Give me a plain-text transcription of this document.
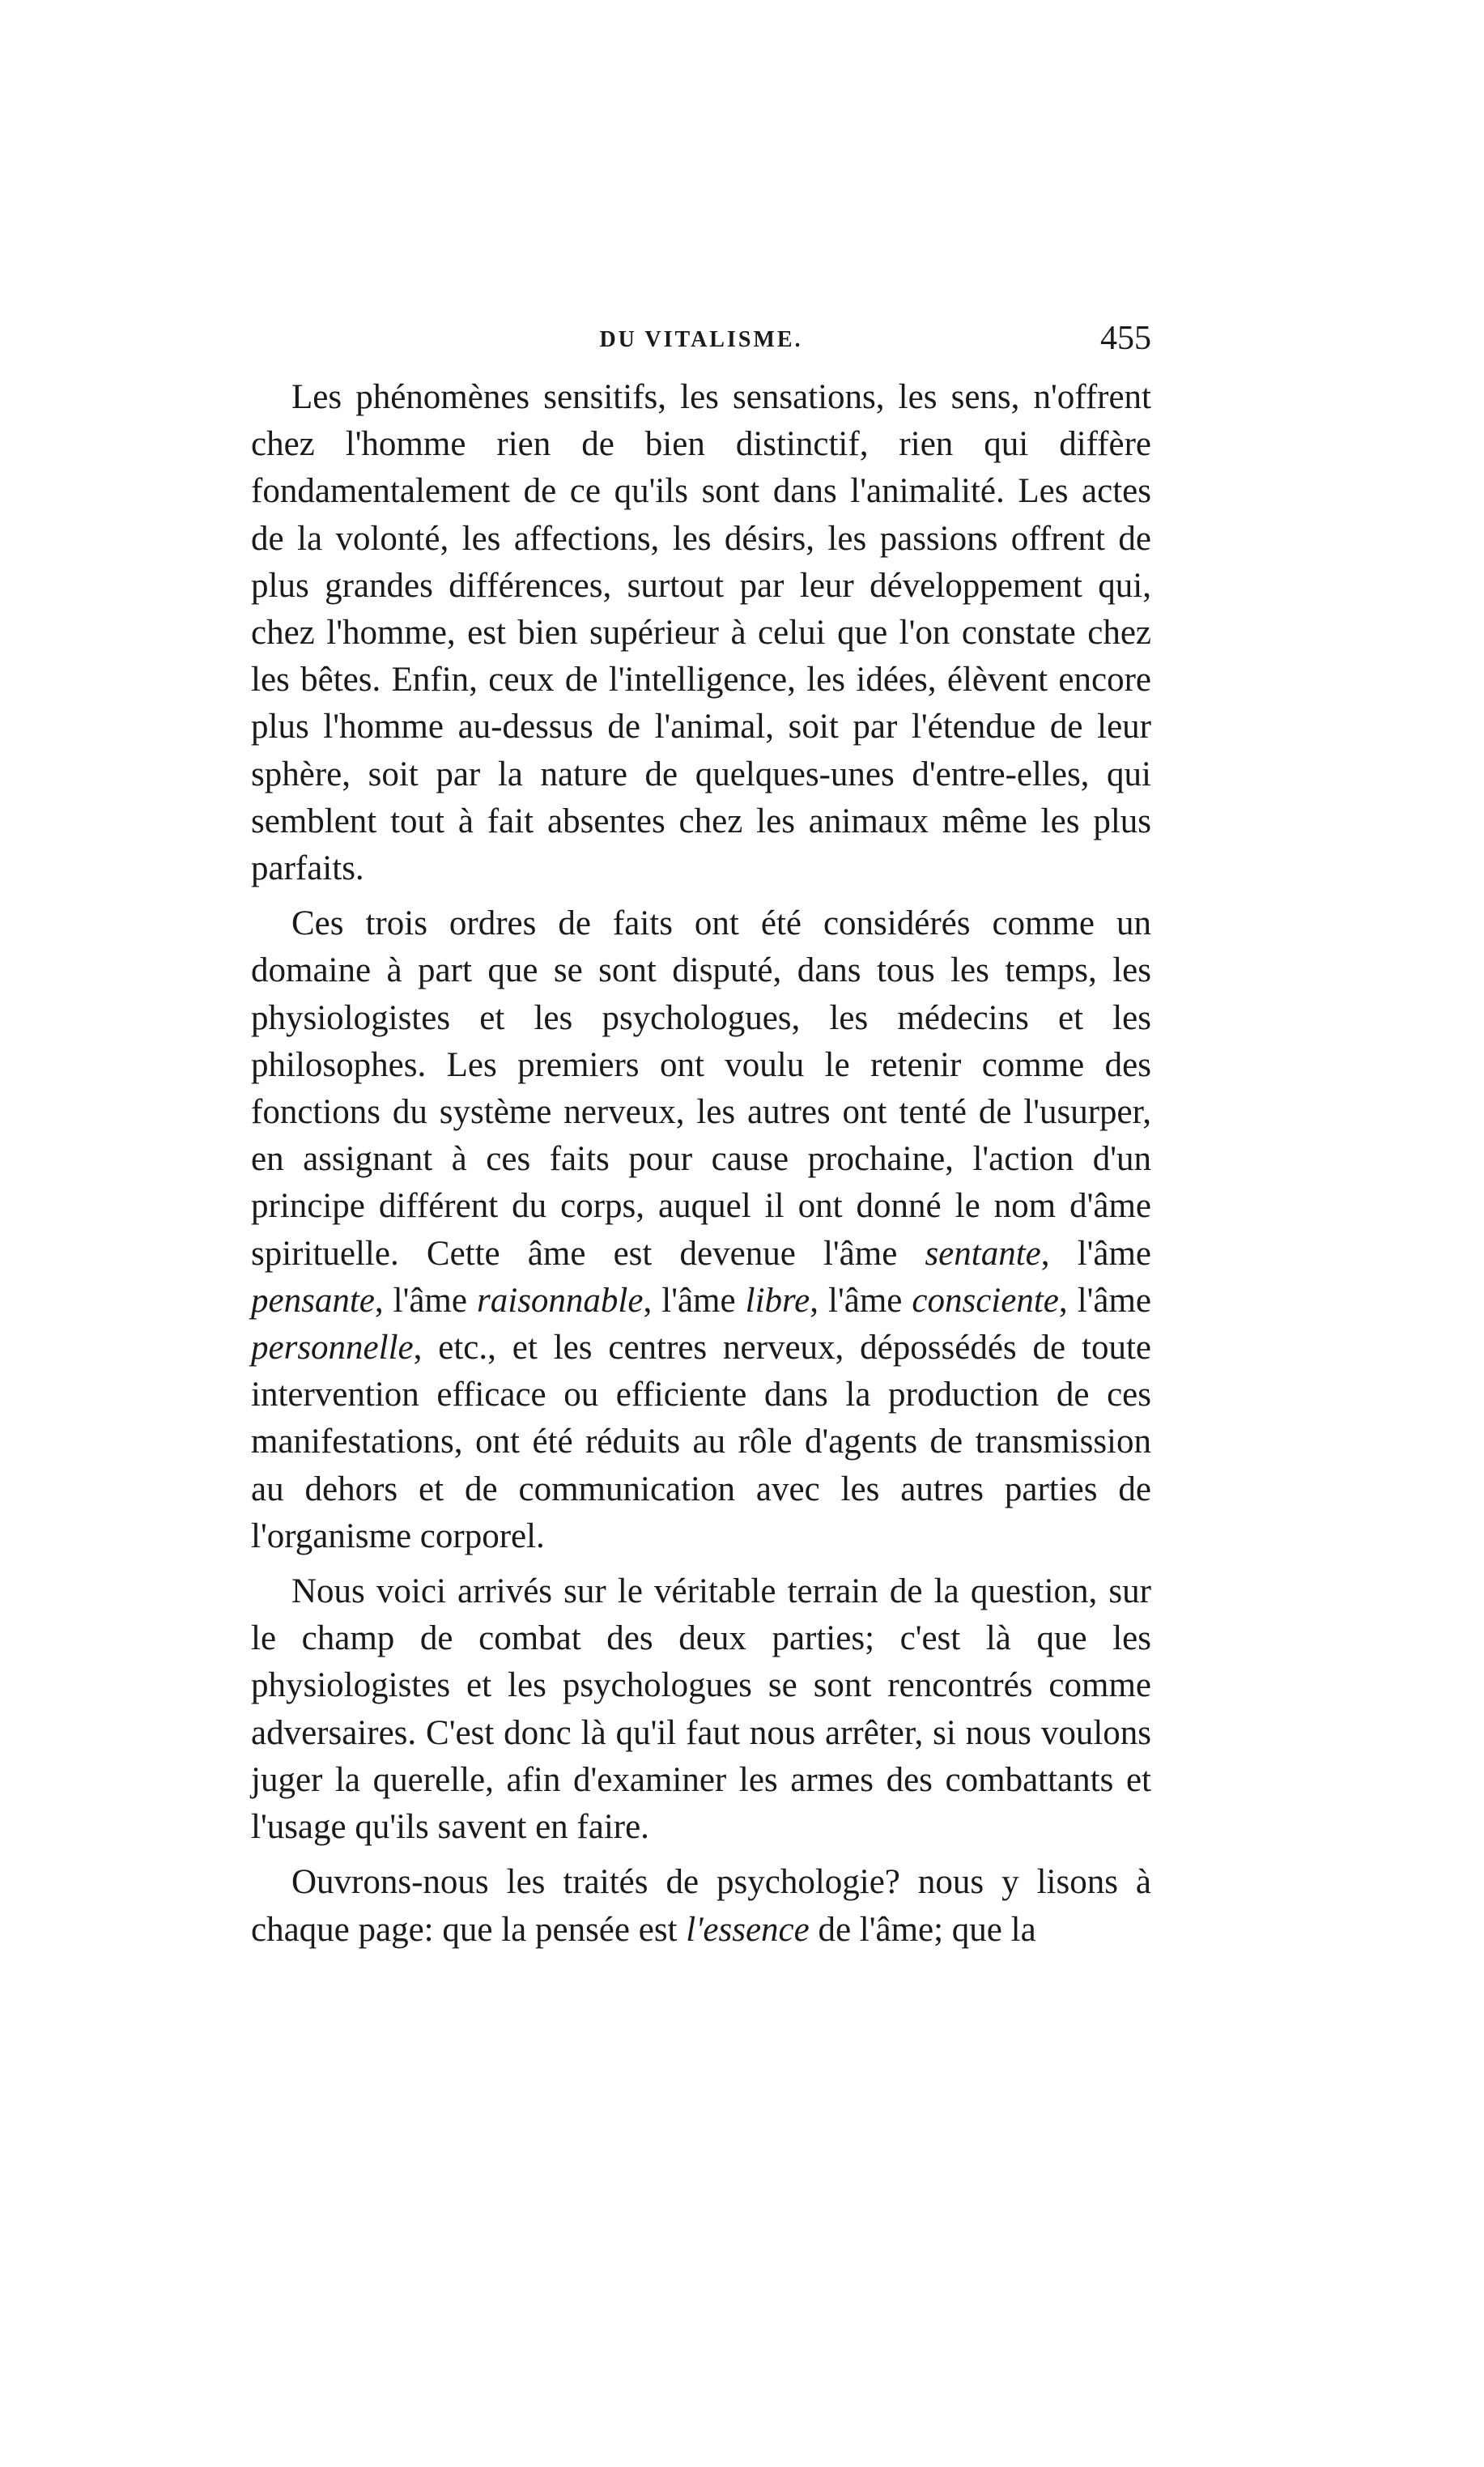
DU VITALISME.	455

Les phénomènes sensitifs, les sensations, les sens, n'offrent chez l'homme rien de bien distinctif, rien qui diffère fondamentalement de ce qu'ils sont dans l'animalité. Les actes de la volonté, les affections, les désirs, les passions offrent de plus grandes différences, surtout par leur développement qui, chez l'homme, est bien supérieur à celui que l'on constate chez les bêtes. Enfin, ceux de l'intelligence, les idées, élèvent encore plus l'homme au-dessus de l'animal, soit par l'étendue de leur sphère, soit par la nature de quelques-unes d'entre-elles, qui semblent tout à fait absentes chez les animaux même les plus parfaits.

Ces trois ordres de faits ont été considérés comme un domaine à part que se sont disputé, dans tous les temps, les physiologistes et les psychologues, les médecins et les philosophes. Les premiers ont voulu le retenir comme des fonctions du système nerveux, les autres ont tenté de l'usurper, en assignant à ces faits pour cause prochaine, l'action d'un principe différent du corps, auquel il ont donné le nom d'âme spirituelle. Cette âme est devenue l'âme sentante, l'âme pensante, l'âme raisonnable, l'âme libre, l'âme consciente, l'âme personnelle, etc., et les centres nerveux, dépossédés de toute intervention efficace ou efficiente dans la production de ces manifestations, ont été réduits au rôle d'agents de transmission au dehors et de communication avec les autres parties de l'organisme corporel.

Nous voici arrivés sur le véritable terrain de la question, sur le champ de combat des deux parties; c'est là que les physiologistes et les psychologues se sont rencontrés comme adversaires. C'est donc là qu'il faut nous arrêter, si nous voulons juger la querelle, afin d'examiner les armes des combattants et l'usage qu'ils savent en faire.

Ouvrons-nous les traités de psychologie? nous y lisons à chaque page: que la pensée est l'essence de l'âme; que la
